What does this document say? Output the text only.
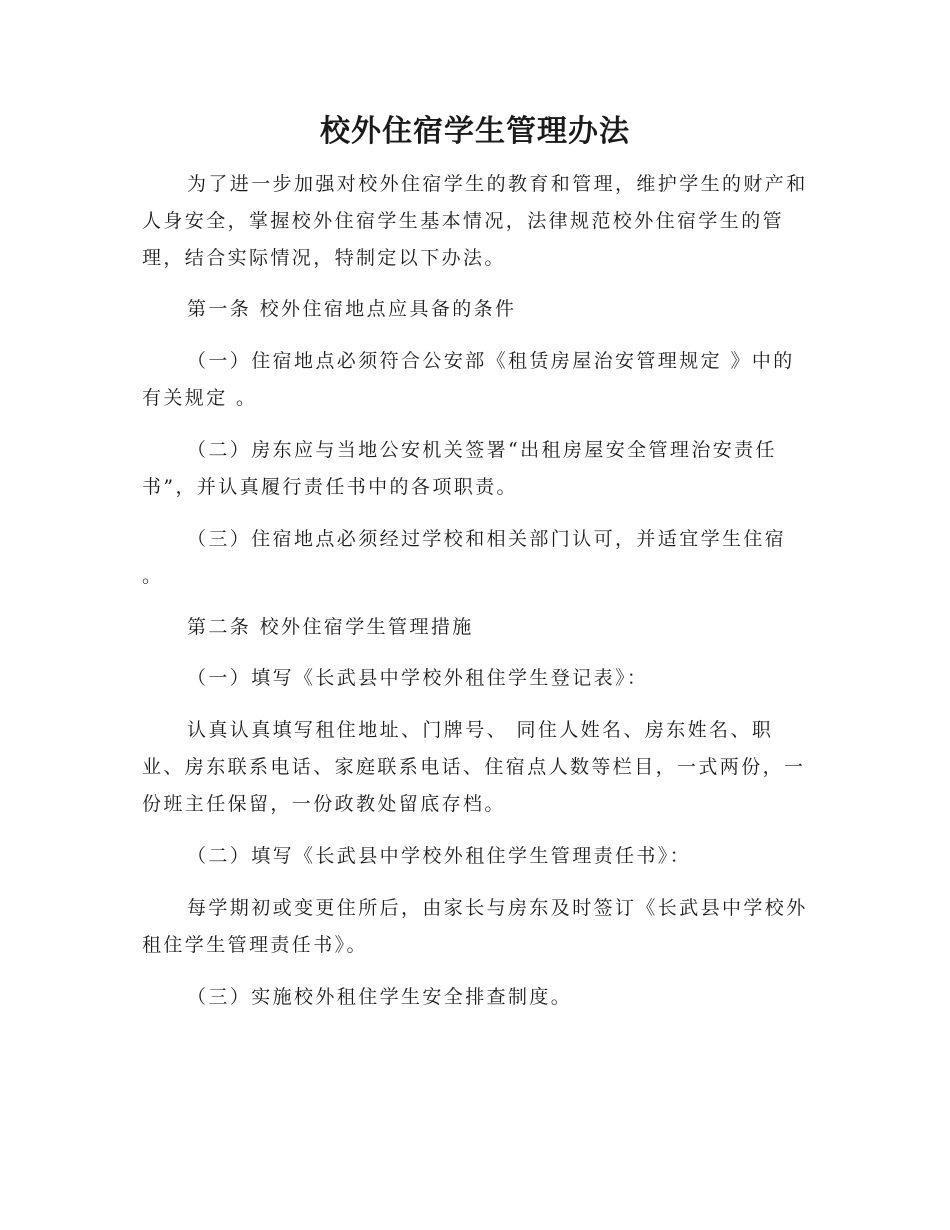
校外住宿学生管理办法

为了进一步加强对校外住宿学生的教育和管理，维护学生的财产和人身安全，掌握校外住宿学生基本情况，法律规范校外住宿学生的管理，结合实际情况，特制定以下办法。

第一条 校外住宿地点应具备的条件

（一）住宿地点必须符合公安部《租赁房屋治安管理规定 》中的有关规定 。

（二）房东应与当地公安机关签署“出租房屋安全管理治安责任书”，并认真履行责任书中的各项职责。

（三）住宿地点必须经过学校和相关部门认可，并适宜学生住宿 。

第二条 校外住宿学生管理措施

（一）填写《长武县中学校外租住学生登记表》：

认真认真填写租住地址、门牌号、 同住人姓名、房东姓名、职业、房东联系电话、家庭联系电话、住宿点人数等栏目，一式两份，一份班主任保留，一份政教处留底存档。

（二）填写《长武县中学校外租住学生管理责任书》：

每学期初或变更住所后，由家长与房东及时签订《长武县中学校外租住学生管理责任书》。

（三）实施校外租住学生安全排查制度。
